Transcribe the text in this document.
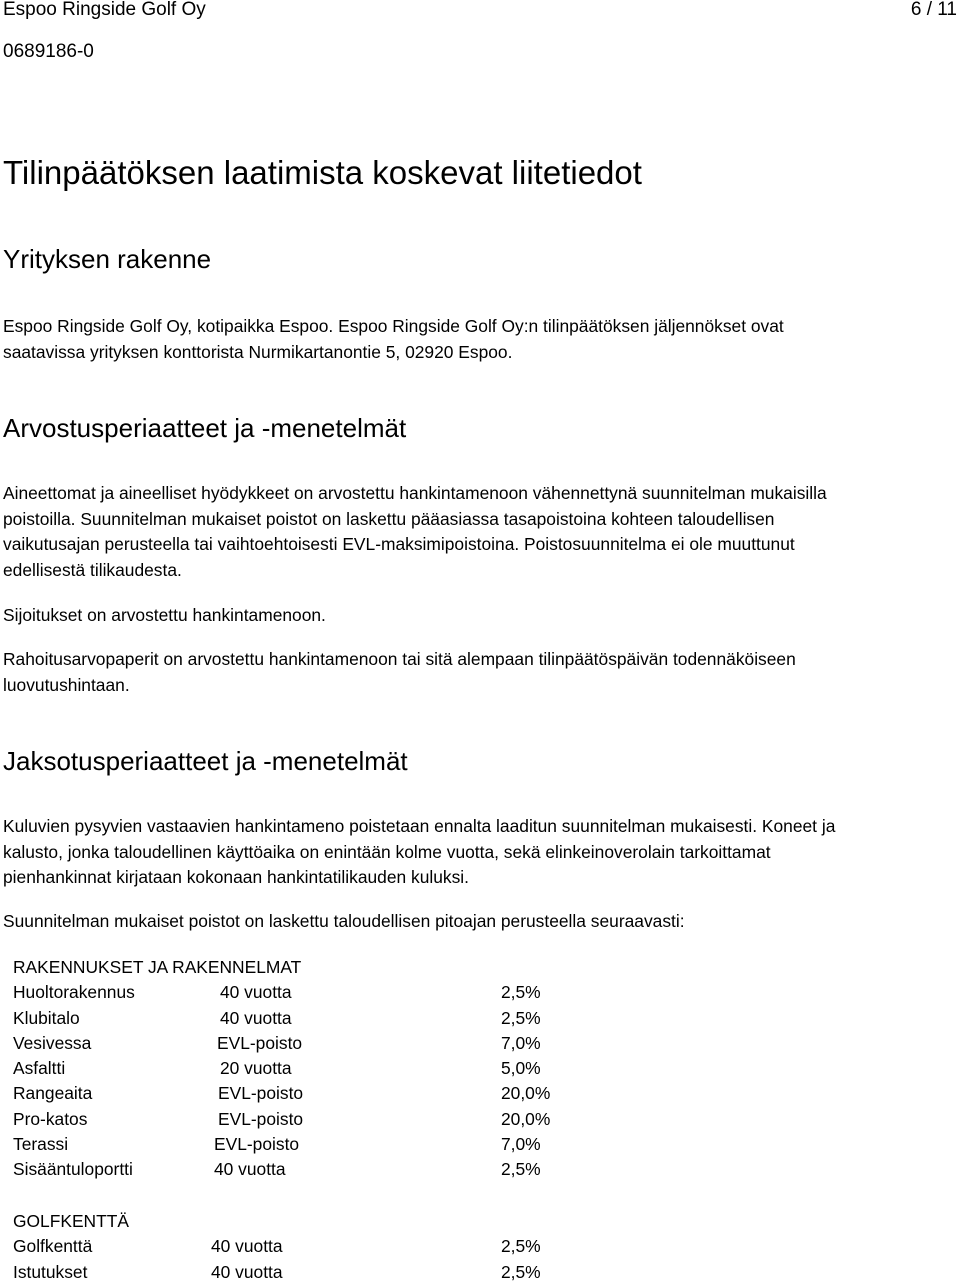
Espoo Ringside Golf Oy	6 / 11
0689186-0
Tilinpäätöksen laatimista koskevat liitetiedot
Yrityksen rakenne

Espoo Ringside Golf Oy, kotipaikka Espoo. Espoo Ringside Golf Oy:n tilinpäätöksen jäljennökset ovat
saatavissa yrityksen konttorista Nurmikartanontie 5, 02920 Espoo.

Arvostusperiaatteet ja -menetelmät

Aineettomat ja aineelliset hyödykkeet on arvostettu hankintamenoon vähennettynä suunnitelman mukaisilla
poistoilla. Suunnitelman mukaiset poistot on laskettu pääasiassa tasapoistoina kohteen taloudellisen
vaikutusajan perusteella tai vaihtoehtoisesti EVL-maksimipoistoina. Poistosuunnitelma ei ole muuttunut
edellisestä tilikaudesta.

Sijoitukset on arvostettu hankintamenoon.

Rahoitusarvopaperit on arvostettu hankintamenoon tai sitä alempaan tilinpäätöspäivän todennäköiseen
luovutushintaan.

Jaksotusperiaatteet ja -menetelmät

Kuluvien pysyvien vastaavien hankintameno poistetaan ennalta laaditun suunnitelman mukaisesti. Koneet ja
kalusto, jonka taloudellinen käyttöaika on enintään kolme vuotta, sekä elinkeinoverolain tarkoittamat
pienhankinnat kirjataan kokonaan hankintatilikauden kuluksi.

Suunnitelman mukaiset poistot on laskettu taloudellisen pitoajan perusteella seuraavasti:

RAKENNUKSET JA RAKENNELMAT
Huoltorakennus	40 vuotta	2,5%
Klubitalo	40 vuotta	2,5%
Vesivessa	EVL-poisto	7,0%
Asfaltti	20 vuotta	5,0%
Rangeaita	EVL-poisto	20,0%
Pro-katos	EVL-poisto	20,0%
Terassi	EVL-poisto	7,0%
Sisääntuloportti	40 vuotta	2,5%
GOLFKENTTÄ
Golfkenttä	40 vuotta	2,5%
Istutukset	40 vuotta	2,5%
